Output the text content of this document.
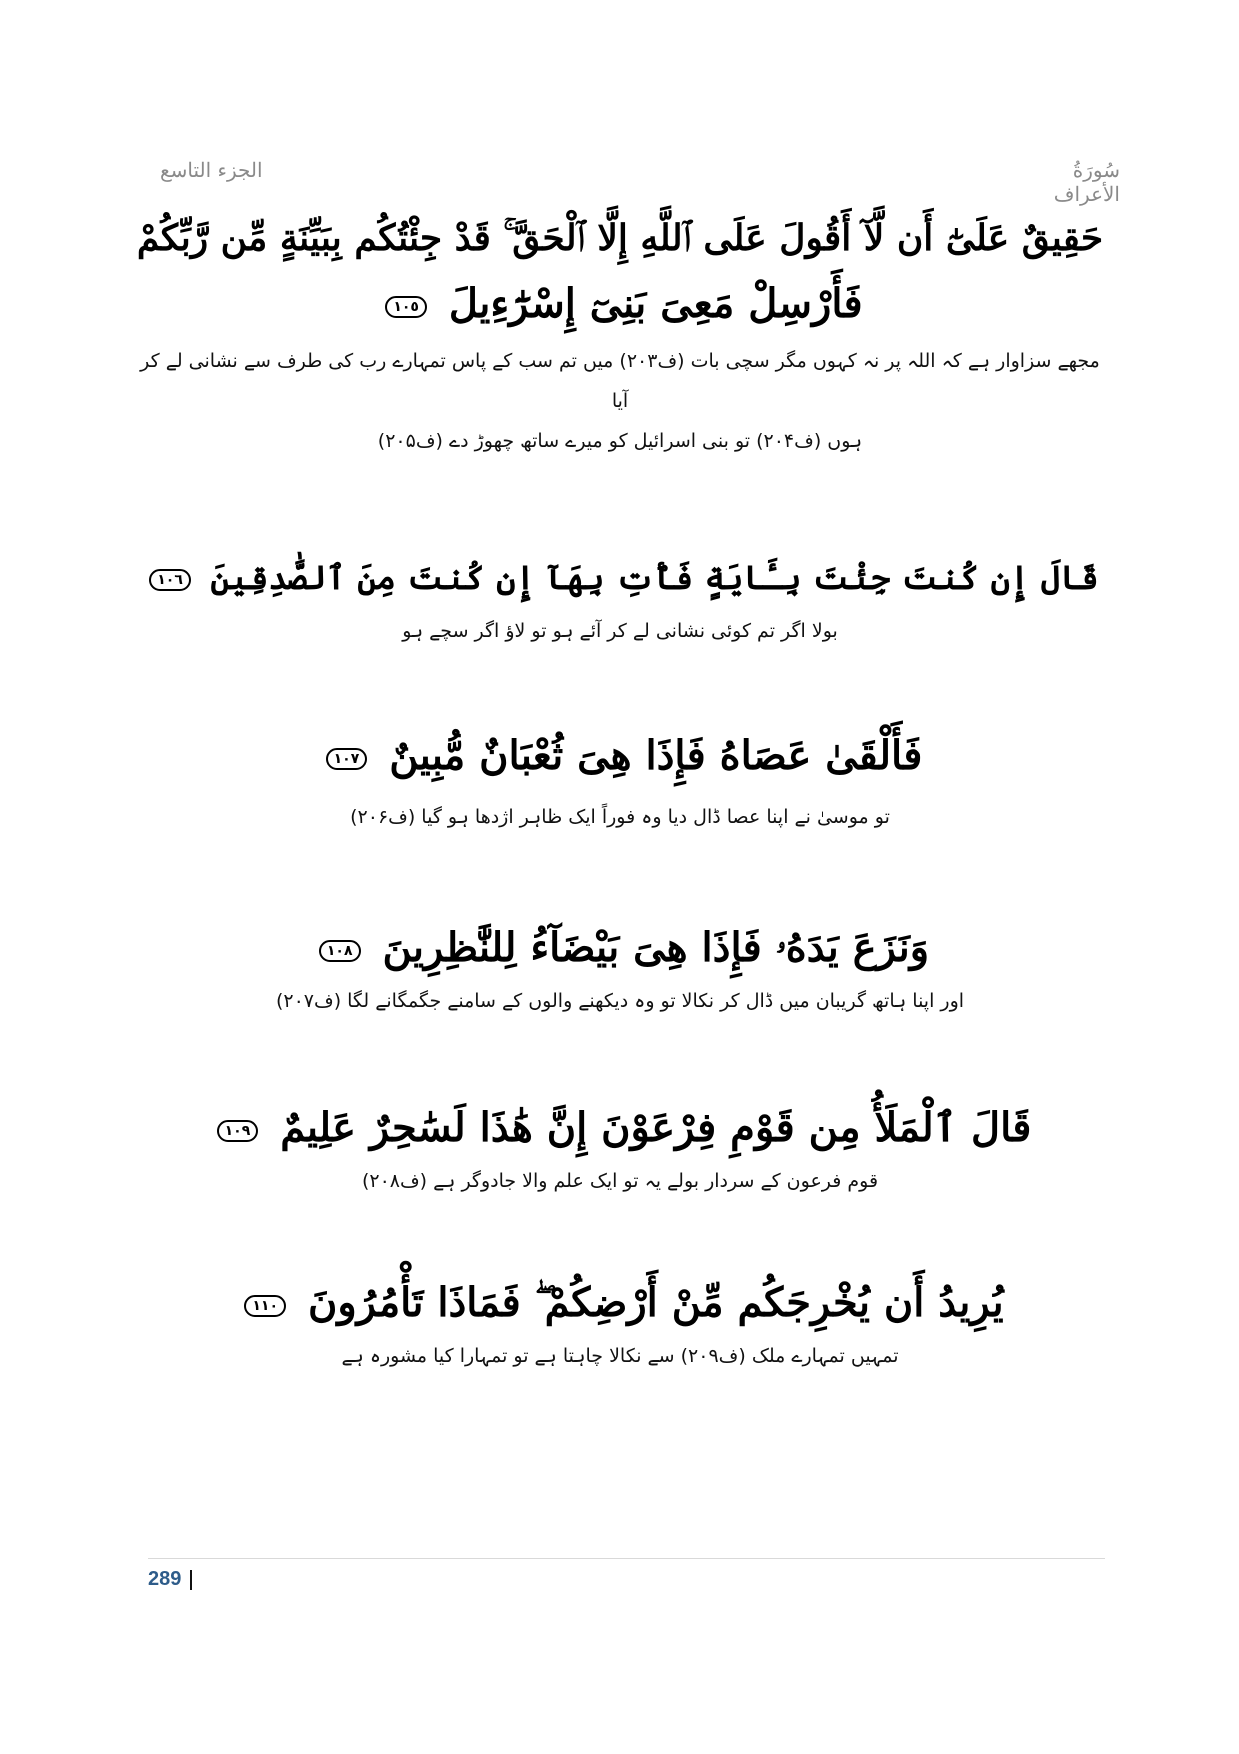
سُورَةُ الأعراف
الجزء التاسع
حَقِيقٌ عَلَىٰٓ أَن لَّآ أَقُولَ عَلَى ٱللَّهِ إِلَّا ٱلْحَقَّ ۚ قَدْ جِئْتُكُم بِبَيِّنَةٍ مِّن رَّبِّكُمْ
فَأَرْسِلْ مَعِىَ بَنِىٓ إِسْرَٰٓءِيلَ ١٠٥
مجھے سزاوار ہے کہ اللہ پر نہ کہوں مگر سچی بات (ف۲۰۳) میں تم سب کے پاس تمہارے رب کی طرف سے نشانی لے کر آیا
ہوں (ف۲۰۴) تو بنی اسرائیل کو میرے ساتھ چھوڑ دے (ف۲۰۵)
قَالَ إِن كُنتَ جِئْتَ بِـَٔايَةٍ فَأْتِ بِهَآ إِن كُنتَ مِنَ ٱلصَّٰدِقِينَ ١٠٦
بولا اگر تم کوئی نشانی لے کر آئے ہو تو لاؤ اگر سچے ہو
فَأَلْقَىٰ عَصَاهُ فَإِذَا هِىَ ثُعْبَانٌ مُّبِينٌ ١٠٧
تو موسیٰ نے اپنا عصا ڈال دیا وہ فوراً ایک ظاہر اژدھا ہو گیا (ف۲۰۶)
وَنَزَعَ يَدَهُۥ فَإِذَا هِىَ بَيْضَآءُ لِلنَّٰظِرِينَ ١٠٨
اور اپنا ہاتھ گریبان میں ڈال کر نکالا تو وہ دیکھنے والوں کے سامنے جگمگانے لگا (ف۲۰۷)
قَالَ ٱلْمَلَأُ مِن قَوْمِ فِرْعَوْنَ إِنَّ هَٰذَا لَسَٰحِرٌ عَلِيمٌ ١٠٩
قوم فرعون کے سردار بولے یہ تو ایک علم والا جادوگر ہے (ف۲۰۸)
يُرِيدُ أَن يُخْرِجَكُم مِّنْ أَرْضِكُمْ ۖ فَمَاذَا تَأْمُرُونَ ١١٠
تمہیں تمہارے ملک (ف۲۰۹) سے نکالا چاہتا ہے تو تمہارا کیا مشورہ ہے
289
